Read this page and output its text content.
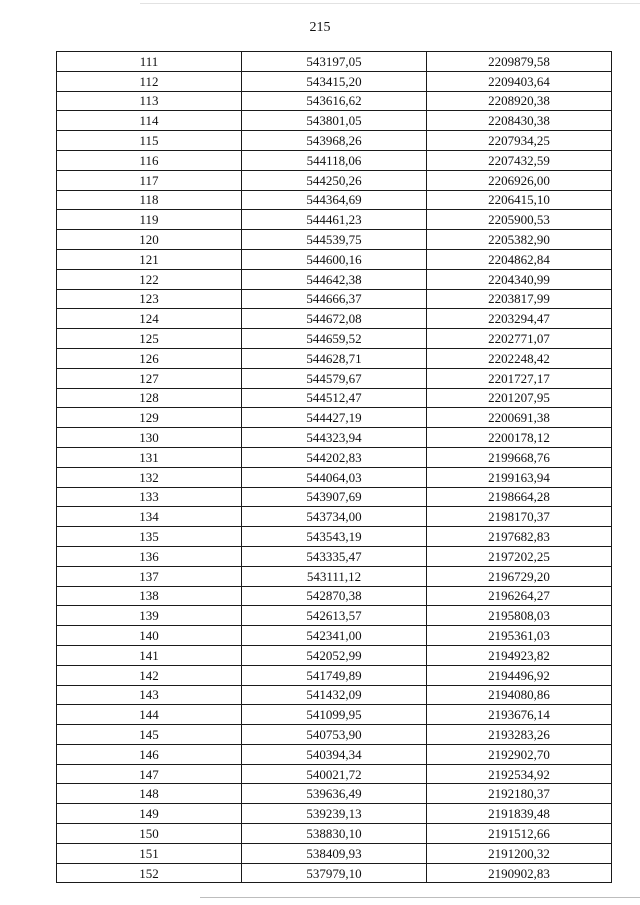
215
111	543197,05	2209879,58
112	543415,20	2209403,64
113	543616,62	2208920,38
114	543801,05	2208430,38
115	543968,26	2207934,25
116	544118,06	2207432,59
117	544250,26	2206926,00
118	544364,69	2206415,10
119	544461,23	2205900,53
120	544539,75	2205382,90
121	544600,16	2204862,84
122	544642,38	2204340,99
123	544666,37	2203817,99
124	544672,08	2203294,47
125	544659,52	2202771,07
126	544628,71	2202248,42
127	544579,67	2201727,17
128	544512,47	2201207,95
129	544427,19	2200691,38
130	544323,94	2200178,12
131	544202,83	2199668,76
132	544064,03	2199163,94
133	543907,69	2198664,28
134	543734,00	2198170,37
135	543543,19	2197682,83
136	543335,47	2197202,25
137	543111,12	2196729,20
138	542870,38	2196264,27
139	542613,57	2195808,03
140	542341,00	2195361,03
141	542052,99	2194923,82
142	541749,89	2194496,92
143	541432,09	2194080,86
144	541099,95	2193676,14
145	540753,90	2193283,26
146	540394,34	2192902,70
147	540021,72	2192534,92
148	539636,49	2192180,37
149	539239,13	2191839,48
150	538830,10	2191512,66
151	538409,93	2191200,32
152	537979,10	2190902,83
